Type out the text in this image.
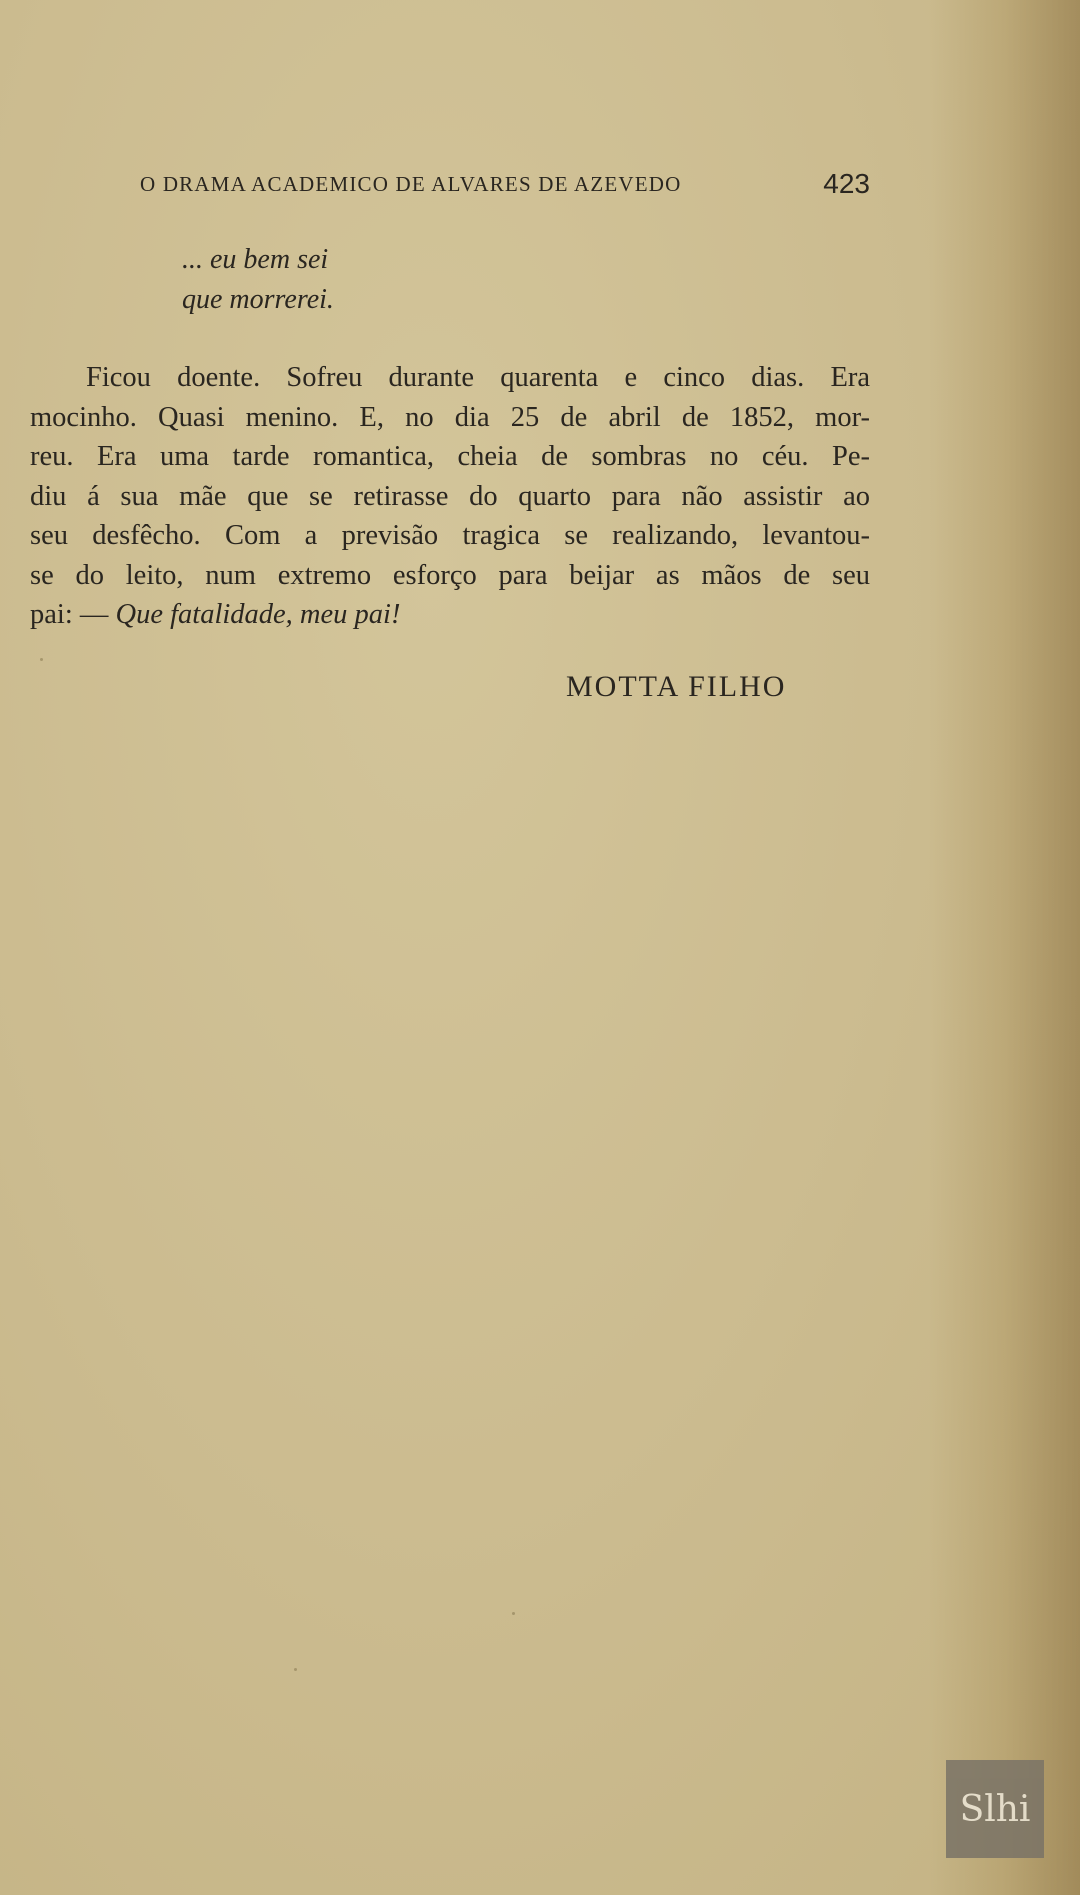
O DRAMA ACADEMICO DE ALVARES DE AZEVEDO	423
... eu bem sei
que morrerei.
Ficou doente. Sofreu durante quarenta e cinco dias. Era
mocinho. Quasi menino. E, no dia 25 de abril de 1852, mor-
reu. Era uma tarde romantica, cheia de sombras no céu. Pe-
diu á sua mãe que se retirasse do quarto para não assistir ao
seu desfêcho. Com a previsão tragica se realizando, levantou-
se do leito, num extremo esforço para beijar as mãos de seu
pai: — Que fatalidade, meu pai!
MOTTA FILHO
Slhi
